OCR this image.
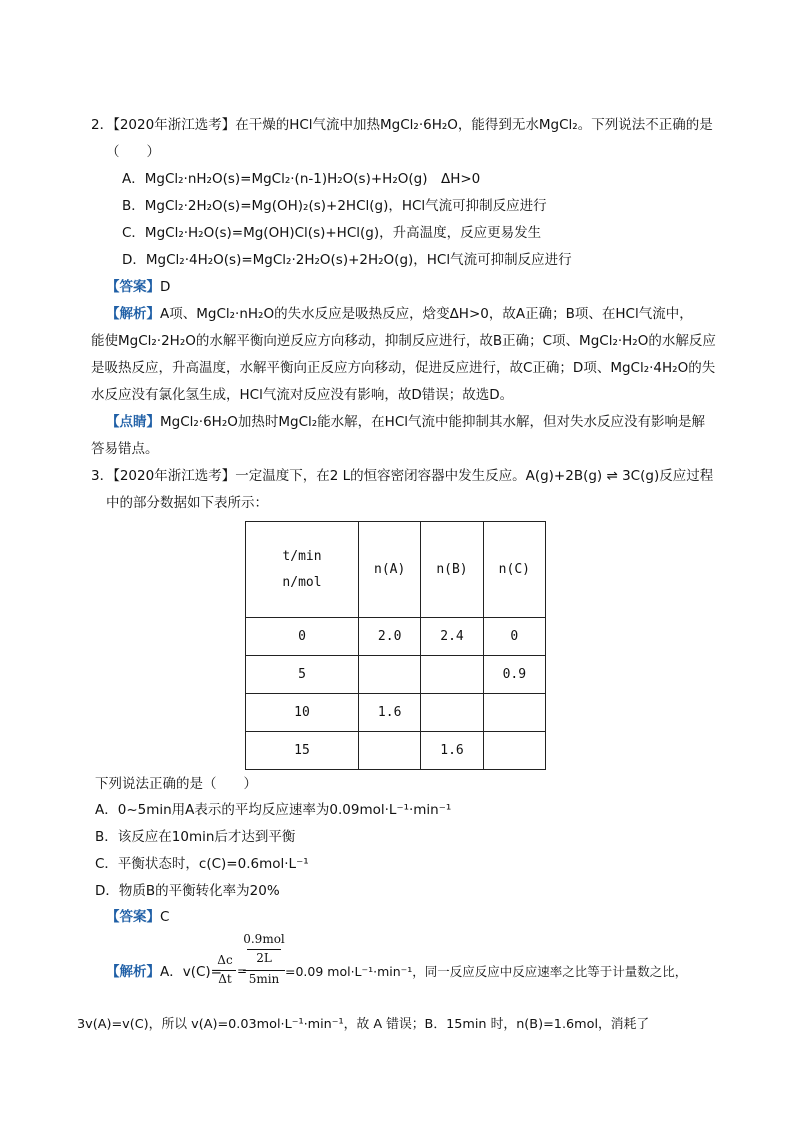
2．【2020年浙江选考】在干燥的HCl气流中加热MgCl₂·6H₂O，能得到无水MgCl₂。下列说法不正确的是
（　　）
A．MgCl₂·nH₂O(s)=MgCl₂·(n-1)H₂O(s)+H₂O(g)　ΔH>0
B．MgCl₂·2H₂O(s)=Mg(OH)₂(s)+2HCl(g)，HCl气流可抑制反应进行
C．MgCl₂·H₂O(s)=Mg(OH)Cl(s)+HCl(g)，升高温度，反应更易发生
D．MgCl₂·4H₂O(s)=MgCl₂·2H₂O(s)+2H₂O(g)，HCl气流可抑制反应进行
【答案】D
【解析】A项、MgCl₂·nH₂O的失水反应是吸热反应，焓变ΔH>0，故A正确；B项、在HCl气流中，
能使MgCl₂·2H₂O的水解平衡向逆反应方向移动，抑制反应进行，故B正确；C项、MgCl₂·H₂O的水解反应
是吸热反应，升高温度，水解平衡向正反应方向移动，促进反应进行，故C正确；D项、MgCl₂·4H₂O的失
水反应没有氯化氢生成，HCl气流对反应没有影响，故D错误；故选D。
【点睛】MgCl₂·6H₂O加热时MgCl₂能水解，在HCl气流中能抑制其水解，但对失水反应没有影响是解
答易错点。
3．【2020年浙江选考】一定温度下，在2 L的恒容密闭容器中发生反应。A(g)+2B(g) ⇌ 3C(g)反应过程
中的部分数据如下表所示：
t/min
n/mol	n(A)	n(B)	n(C)
0	2.0	2.4	0
5			0.9
10	1.6		
15		1.6	
下列说法正确的是（　　）
A．0~5min用A表示的平均反应速率为0.09mol·L⁻¹·min⁻¹
B．该反应在10min后才达到平衡
C．平衡状态时，c(C)=0.6mol·L⁻¹
D．物质B的平衡转化率为20%
【答案】C
【解析】A．v(C)=
Δc
Δt
=
0.9mol
2L
5min =0.09 mol·L⁻¹·min⁻¹，同一反应反应中反应速率之比等于计量数之比，
3v(A)=v(C)，所以 v(A)=0.03mol·L⁻¹·min⁻¹，故 A 错误；B．15min 时，n(B)=1.6mol，消耗了
